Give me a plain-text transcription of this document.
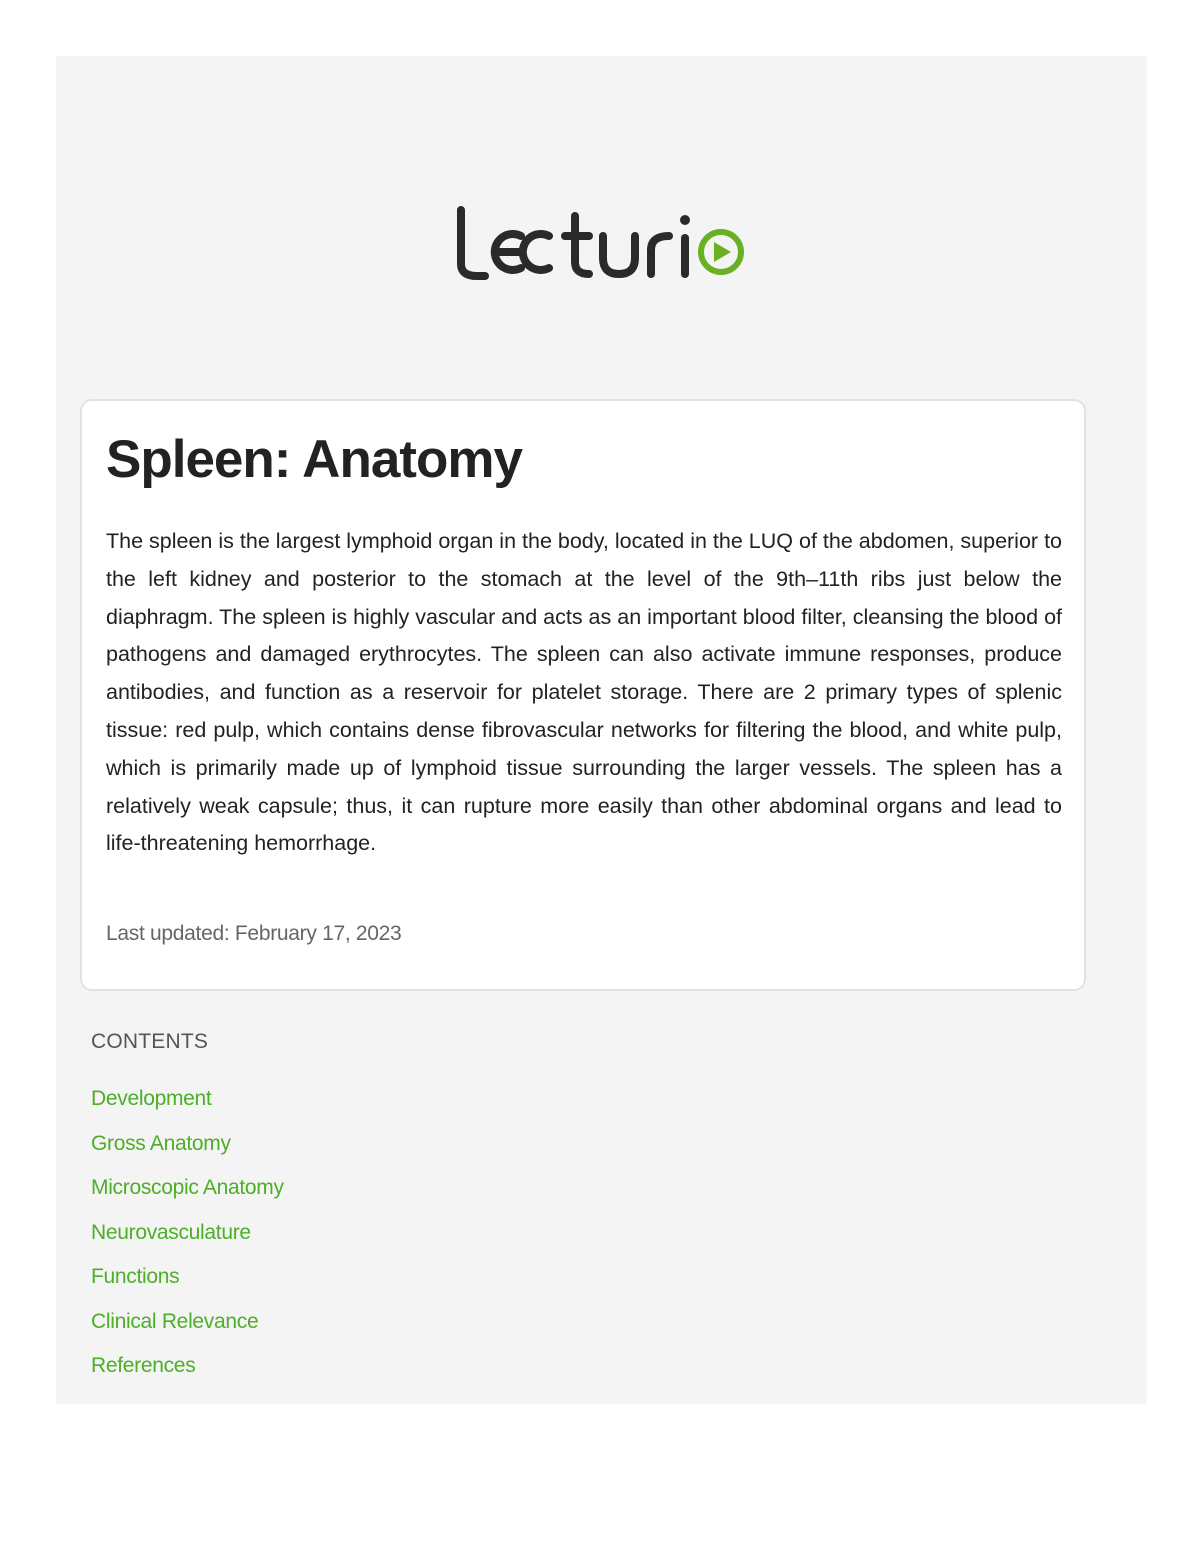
Spleen: Anatomy

The spleen is the largest lymphoid organ in the body, located in the LUQ of the abdomen, superior to the left kidney and posterior to the stomach at the level of the 9th–11th ribs just below the diaphragm. The spleen is highly vascular and acts as an important blood filter, cleansing the blood of pathogens and damaged erythrocytes. The spleen can also activate immune responses, produce antibodies, and function as a reservoir for platelet storage. There are 2 primary types of splenic tissue: red pulp, which contains dense fibrovascular networks for filtering the blood, and white pulp, which is primarily made up of lymphoid tissue surrounding the larger vessels. The spleen has a relatively weak capsule; thus, it can rupture more easily than other abdominal organs and lead to life-threatening hemorrhage.

Last updated: February 17, 2023

CONTENTS
Development
Gross Anatomy
Microscopic Anatomy
Neurovasculature
Functions
Clinical Relevance
References
